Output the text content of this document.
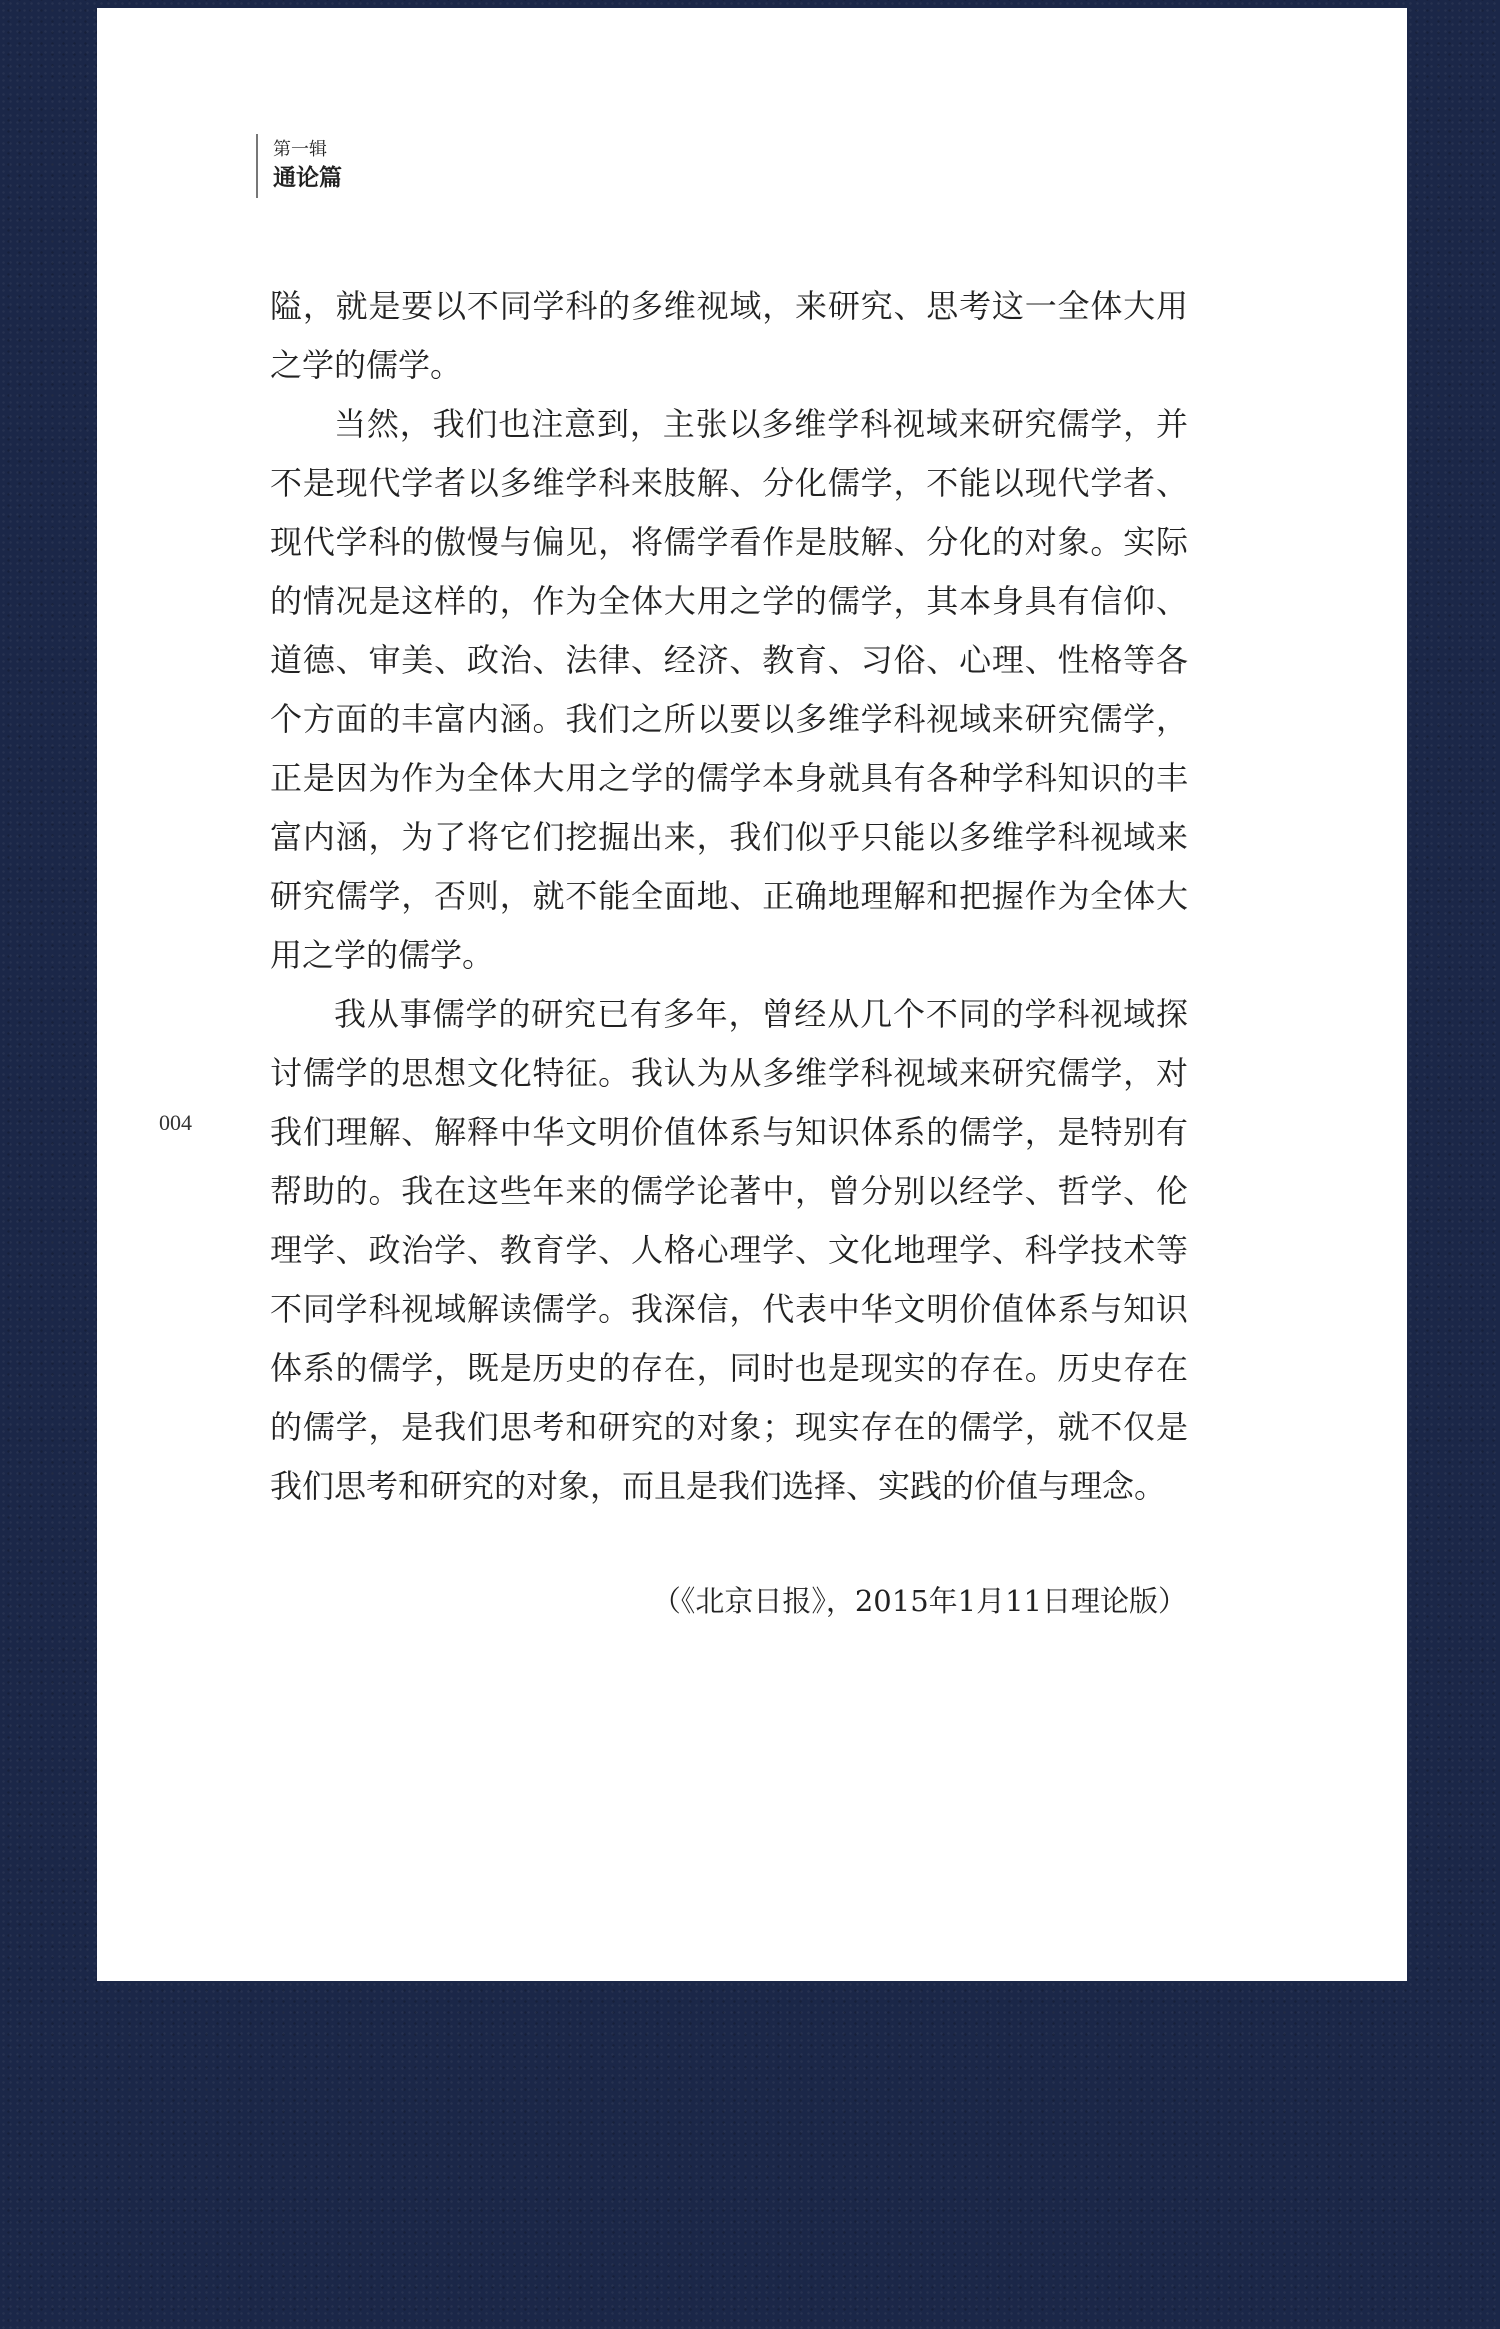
第一辑
通论篇

隘，就是要以不同学科的多维视域，来研究、思考这一全体大用之学的儒学。

当然，我们也注意到，主张以多维学科视域来研究儒学，并不是现代学者以多维学科来肢解、分化儒学，不能以现代学者、现代学科的傲慢与偏见，将儒学看作是肢解、分化的对象。实际的情况是这样的，作为全体大用之学的儒学，其本身具有信仰、道德、审美、政治、法律、经济、教育、习俗、心理、性格等各个方面的丰富内涵。我们之所以要以多维学科视域来研究儒学，正是因为作为全体大用之学的儒学本身就具有各种学科知识的丰富内涵，为了将它们挖掘出来，我们似乎只能以多维学科视域来研究儒学，否则，就不能全面地、正确地理解和把握作为全体大用之学的儒学。

我从事儒学的研究已有多年，曾经从几个不同的学科视域探讨儒学的思想文化特征。我认为从多维学科视域来研究儒学，对我们理解、解释中华文明价值体系与知识体系的儒学，是特别有帮助的。我在这些年来的儒学论著中，曾分别以经学、哲学、伦理学、政治学、教育学、人格心理学、文化地理学、科学技术等不同学科视域解读儒学。我深信，代表中华文明价值体系与知识体系的儒学，既是历史的存在，同时也是现实的存在。历史存在的儒学，是我们思考和研究的对象；现实存在的儒学，就不仅是我们思考和研究的对象，而且是我们选择、实践的价值与理念。

004
（《北京日报》，2015年1月11日理论版）
